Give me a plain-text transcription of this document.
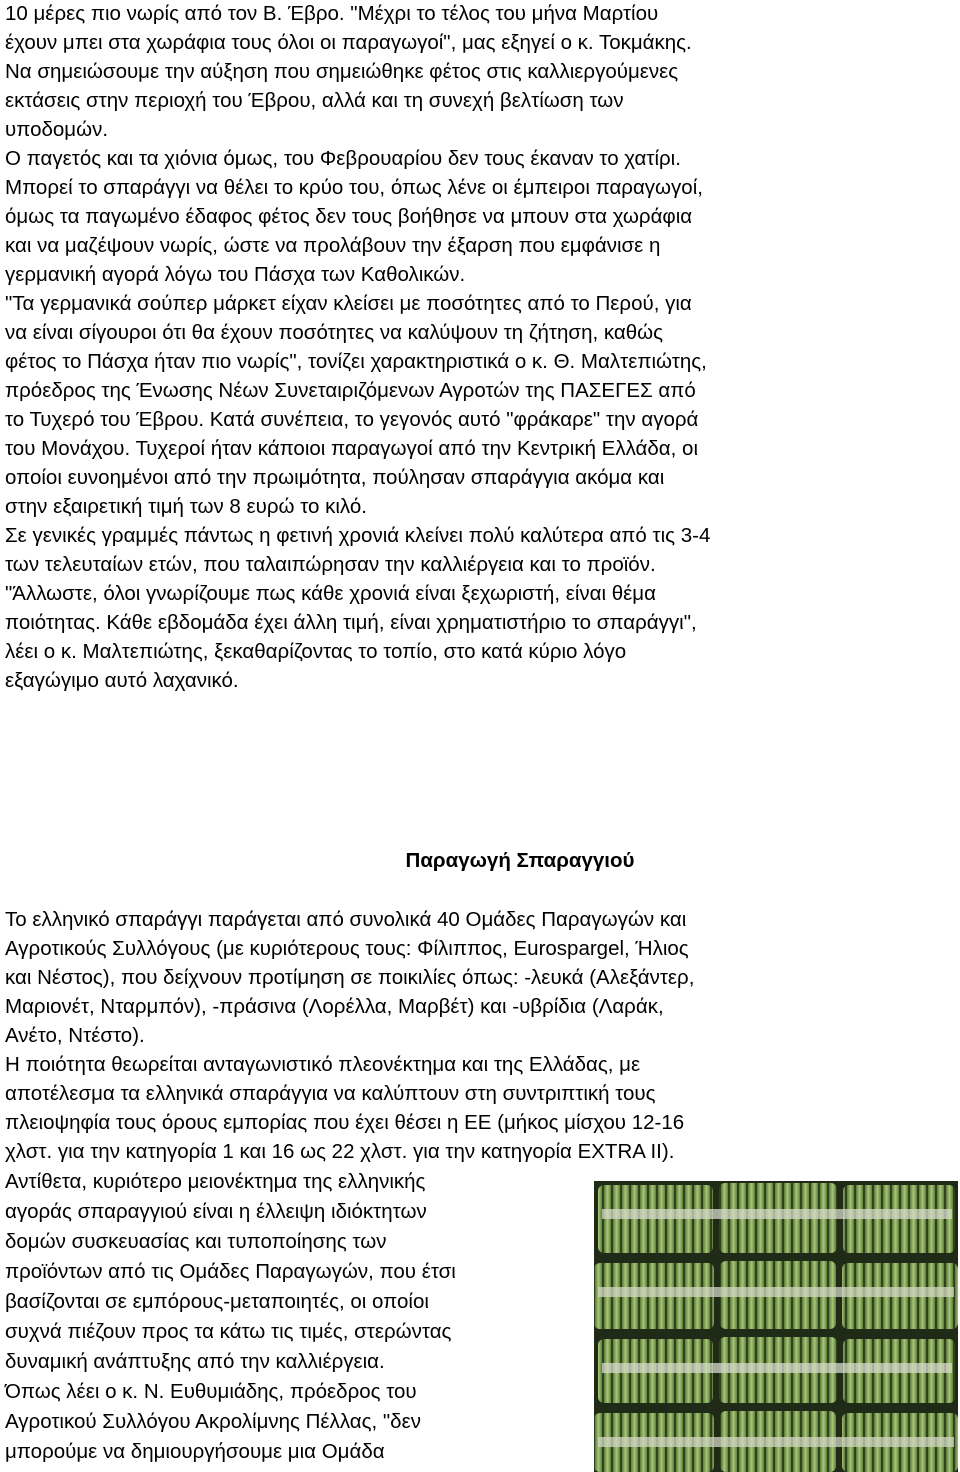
10 μέρες πιο νωρίς από τον Β. Έβρο. "Μέχρι το τέλος του μήνα Μαρτίου

έχουν μπει στα χωράφια τους όλοι οι παραγωγοί", μας εξηγεί ο κ. Τοκμάκης.

Να σημειώσουμε την αύξηση που σημειώθηκε φέτος στις καλλιεργούμενες

εκτάσεις στην περιοχή του Έβρου, αλλά και τη συνεχή βελτίωση των

υποδομών.

Ο παγετός και τα χιόνια όμως, του Φεβρουαρίου δεν τους έκαναν το χατίρι.

Μπορεί το σπαράγγι να θέλει το κρύο του, όπως λένε οι έμπειροι παραγωγοί,

όμως τα παγωμένο έδαφος φέτος δεν τους βοήθησε να μπουν στα χωράφια

και να μαζέψουν νωρίς, ώστε να προλάβουν την έξαρση που εμφάνισε η

γερμανική αγορά λόγω του Πάσχα των Καθολικών.

"Τα γερμανικά σούπερ μάρκετ είχαν κλείσει με ποσότητες από το Περού, για

να είναι σίγουροι ότι θα έχουν ποσότητες να καλύψουν τη ζήτηση, καθώς

φέτος το Πάσχα ήταν πιο νωρίς", τονίζει χαρακτηριστικά ο κ. Θ. Μαλτεπιώτης,

πρόεδρος της Ένωσης Νέων Συνεταιριζόμενων Αγροτών της ΠΑΣΕΓΕΣ από

το Τυχερό του Έβρου. Κατά συνέπεια, το γεγονός αυτό "φράκαρε" την αγορά

του Μονάχου. Τυχεροί ήταν κάποιοι παραγωγοί από την Κεντρική Ελλάδα, οι

οποίοι ευνοημένοι από την πρωιμότητα, πούλησαν σπαράγγια ακόμα και

στην εξαιρετική τιμή των 8 ευρώ το κιλό.

Σε γενικές γραμμές πάντως η φετινή χρονιά κλείνει πολύ καλύτερα από τις 3-4

των τελευταίων ετών, που ταλαιπώρησαν την καλλιέργεια και το προϊόν.

"Άλλωστε, όλοι γνωρίζουμε πως κάθε χρονιά είναι ξεχωριστή, είναι θέμα

ποιότητας. Κάθε εβδομάδα έχει άλλη τιμή, είναι χρηματιστήριο το σπαράγγι",

λέει ο κ. Μαλτεπιώτης, ξεκαθαρίζοντας το τοπίο, στο κατά κύριο λόγο

εξαγώγιμο αυτό λαχανικό.

Παραγωγή Σπαραγγιού

Το ελληνικό σπαράγγι παράγεται από συνολικά 40 Ομάδες Παραγωγών και

Αγροτικούς Συλλόγους (με κυριότερους τους: Φίλιππος, Eurospargel, Ήλιος

και Νέστος), που δείχνουν προτίμηση σε ποικιλίες όπως: -λευκά (Αλεξάντερ,

Μαριονέτ, Νταρμπόν), -πράσινα (Λορέλλα, Μαρβέτ) και -υβρίδια (Λαράκ,

Ανέτο, Ντέστο).

Η ποιότητα θεωρείται ανταγωνιστικό πλεονέκτημα και της Ελλάδας, με

αποτέλεσμα τα ελληνικά σπαράγγια να καλύπτουν στη συντριπτική τους

πλειοψηφία τους όρους εμπορίας που έχει θέσει η ΕΕ (μήκος μίσχου 12-16

χλστ. για την κατηγορία 1 και 16 ως 22 χλστ. για την κατηγορία EXTRA II).

Αντίθετα, κυριότερο μειονέκτημα της ελληνικής

αγοράς σπαραγγιού είναι η έλλειψη ιδιόκτητων

δομών συσκευασίας και τυποποίησης των

προϊόντων από τις Ομάδες Παραγωγών, που έτσι

βασίζονται σε εμπόρους-μεταποιητές, οι οποίοι

συχνά πιέζουν προς τα κάτω τις τιμές, στερώντας

δυναμική ανάπτυξης από την καλλιέργεια.

Όπως λέει ο κ. Ν. Ευθυμιάδης, πρόεδρος του

Αγροτικού Συλλόγου Ακρολίμνης Πέλλας, "δεν

μπορούμε να δημιουργήσουμε μια Ομάδα
